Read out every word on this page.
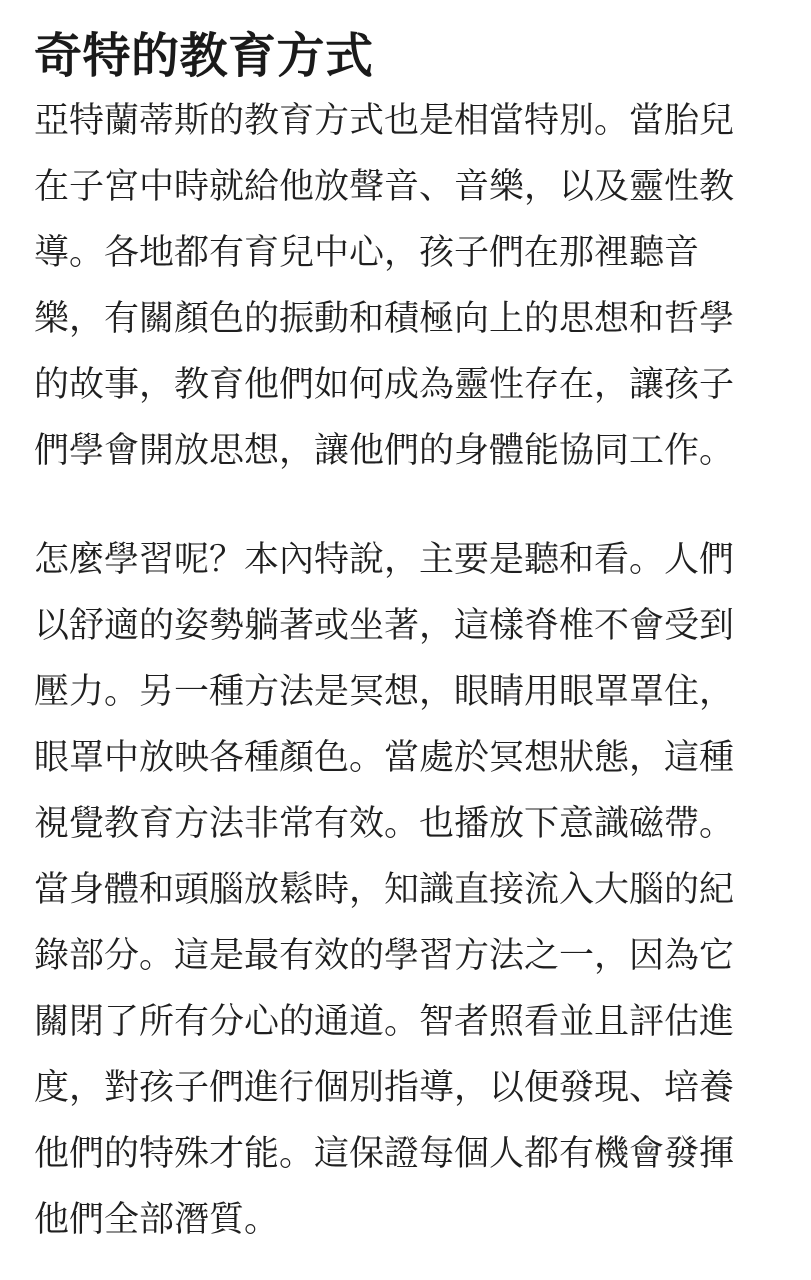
奇特的教育方式
亞特蘭蒂斯的教育方式也是相當特別。當胎兒
在子宮中時就給他放聲音、音樂，以及靈性教
導。各地都有育兒中心，孩子們在那裡聽音
樂，有關顏色的振動和積極向上的思想和哲學
的故事，教育他們如何成為靈性存在，讓孩子
們學會開放思想，讓他們的身體能協同工作。
怎麼學習呢？本內特說，主要是聽和看。人們
以舒適的姿勢躺著或坐著，這樣脊椎不會受到
壓力。另一種方法是冥想，眼睛用眼罩罩住，
眼罩中放映各種顏色。當處於冥想狀態，這種
視覺教育方法非常有效。也播放下意識磁帶。
當身體和頭腦放鬆時，知識直接流入大腦的紀
錄部分。這是最有效的學習方法之一，因為它
關閉了所有分心的通道。智者照看並且評估進
度，對孩子們進行個別指導，以便發現、培養
他們的特殊才能。這保證每個人都有機會發揮
他們全部潛質。
